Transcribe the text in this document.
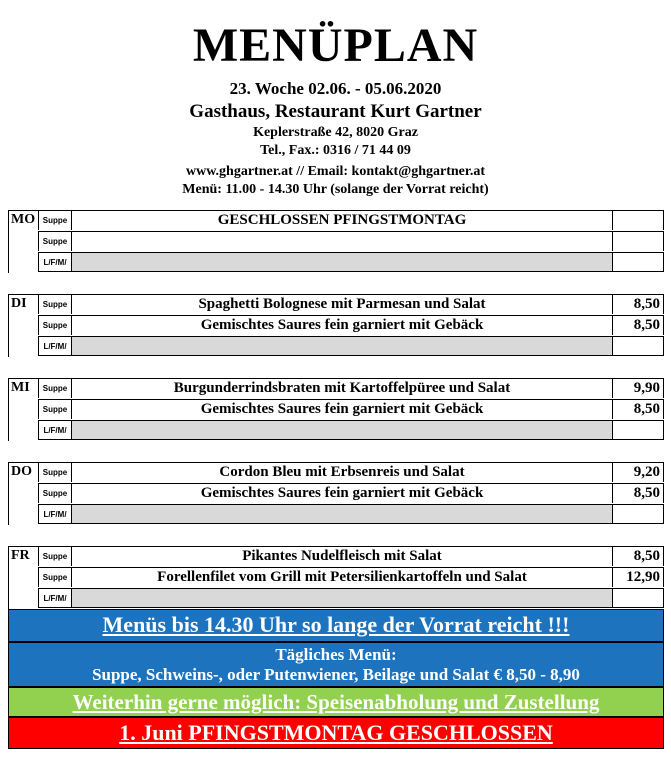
MENÜPLAN
23. Woche 02.06. - 05.06.2020
Gasthaus, Restaurant Kurt Gartner
Keplerstraße 42, 8020 Graz
Tel., Fax.: 0316 / 71 44 09
www.ghgartner.at // Email: kontakt@ghgartner.at
Menü: 11.00 - 14.30 Uhr (solange der Vorrat reicht)
MO Suppe	GESCHLOSSEN PFINGSTMONTAG
Suppe
L/F/M/
DI	Suppe	Spaghetti Bolognese mit Parmesan und Salat	8,50
Suppe	Gemischtes Saures fein garniert mit Gebäck	8,50
L/F/M/
MI	Suppe	Burgunderrindsbraten mit Kartoffelpüree und Salat	9,90
Suppe	Gemischtes Saures fein garniert mit Gebäck	8,50
L/F/M/
DO	Suppe	Cordon Bleu mit Erbsenreis und Salat	9,20
Suppe	Gemischtes Saures fein garniert mit Gebäck	8,50
L/F/M/
FR	Suppe	Pikantes Nudelfleisch mit Salat	8,50
Suppe	Forellenfilet vom Grill mit Petersilienkartoffeln und Salat	12,90
L/F/M/
Menüs bis 14.30 Uhr so lange der Vorrat reicht !!!
Tägliches Menü:
Suppe, Schweins-, oder Putenwiener, Beilage und Salat € 8,50 - 8,90
Weiterhin gerne möglich: Speisenabholung und Zustellung
1. Juni PFINGSTMONTAG GESCHLOSSEN
